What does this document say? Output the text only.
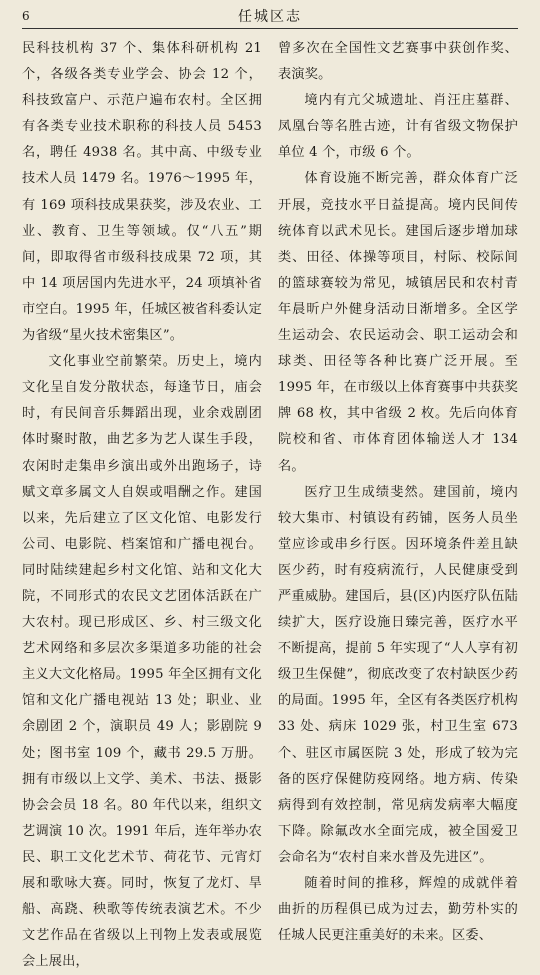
6	任城区志

民科技机构 37 个、集体科研机构 21 个，各级各类专业学会、协会 12 个，科技致富户、示范户遍布农村。全区拥有各类专业技术职称的科技人员 5453 名，聘任 4938 名。其中高、中级专业技术人员 1479 名。1976～1995 年，有 169 项科技成果获奖，涉及农业、工业、教育、卫生等领域。仅“八五”期间，即取得省市级科技成果 72 项，其中 14 项居国内先进水平，24 项填补省市空白。1995 年，任城区被省科委认定为省级“星火技术密集区”。

文化事业空前繁荣。历史上，境内文化呈自发分散状态，每逢节日，庙会时，有民间音乐舞蹈出现，业余戏剧团体时聚时散，曲艺多为艺人谋生手段，农闲时走集串乡演出或外出跑场子，诗赋文章多属文人自娱或唱酬之作。建国以来，先后建立了区文化馆、电影发行公司、电影院、档案馆和广播电视台。同时陆续建起乡村文化馆、站和文化大院，不同形式的农民文艺团体活跃在广大农村。现已形成区、乡、村三级文化艺术网络和多层次多渠道多功能的社会主义大文化格局。1995 年全区拥有文化馆和文化广播电视站 13 处；职业、业余剧团 2 个，演职员 49 人；影剧院 9 处；图书室 109 个，藏书 29.5 万册。拥有市级以上文学、美术、书法、摄影协会会员 18 名。80 年代以来，组织文艺调演 10 次。1991 年后，连年举办农民、职工文化艺术节、荷花节、元宵灯展和歌咏大赛。同时，恢复了龙灯、旱船、高跷、秧歌等传统表演艺术。不少文艺作品在省级以上刊物上发表或展览会上展出，

曾多次在全国性文艺赛事中获创作奖、表演奖。

境内有亢父城遗址、肖汪庄墓群、凤凰台等名胜古迹，计有省级文物保护单位 4 个，市级 6 个。

体育设施不断完善，群众体育广泛开展，竞技水平日益提高。境内民间传统体育以武术见长。建国后逐步增加球类、田径、体操等项目，村际、校际间的篮球赛较为常见，城镇居民和农村青年晨昕户外健身活动日渐增多。全区学生运动会、农民运动会、职工运动会和球类、田径等各种比赛广泛开展。至 1995 年，在市级以上体育赛事中共获奖牌 68 枚，其中省级 2 枚。先后向体育院校和省、市体育团体输送人才 134 名。

医疗卫生成绩斐然。建国前，境内较大集市、村镇设有药铺，医务人员坐堂应诊或串乡行医。因环境条件差且缺医少药，时有疫病流行，人民健康受到严重威胁。建国后，县(区)内医疗队伍陆续扩大，医疗设施日臻完善，医疗水平不断提高，提前 5 年实现了“人人享有初级卫生保健”，彻底改变了农村缺医少药的局面。1995 年，全区有各类医疗机构 33 处、病床 1029 张，村卫生室 673 个、驻区市属医院 3 处，形成了较为完备的医疗保健防疫网络。地方病、传染病得到有效控制，常见病发病率大幅度下降。除氟改水全面完成，被全国爱卫会命名为“农村自来水普及先进区”。

随着时间的推移，辉煌的成就伴着曲折的历程俱已成为过去，勤劳朴实的任城人民更注重美好的未来。区委、
